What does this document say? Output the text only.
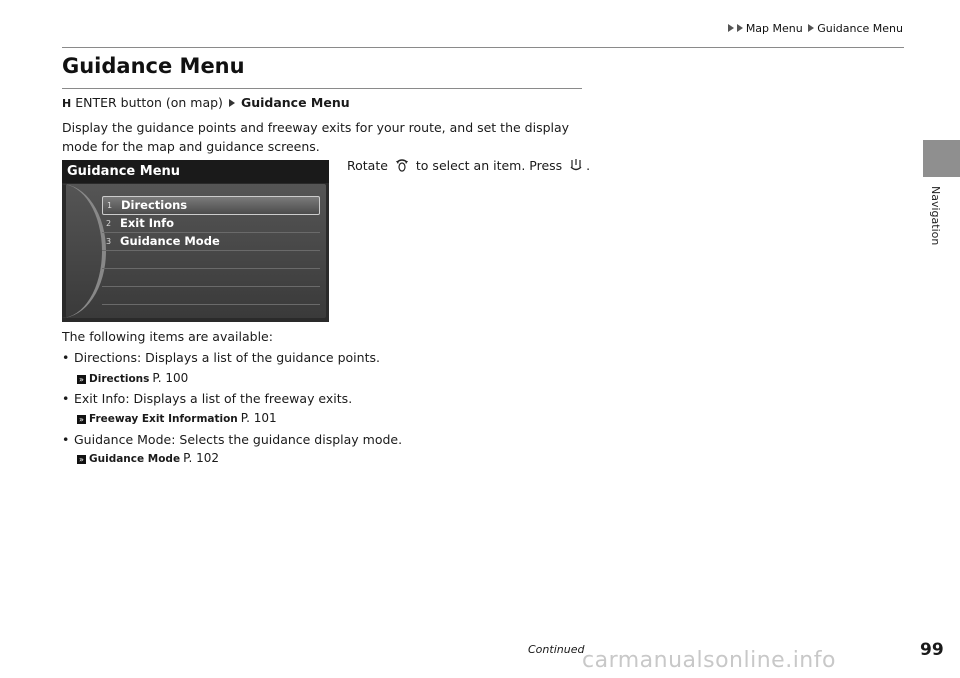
Map Menu Guidance Menu
Navigation
Guidance Menu
H ENTER button (on map) Guidance Menu

Display the guidance points and freeway exits for your route, and set the display mode for the map and guidance screens.

Rotate to select an item. Press .
Guidance Menu
1 Directions
2 Exit Info
3 Guidance Mode

The following items are available:

• Directions: Displays a list of the guidance points.
» Directions P. 100
• Exit Info: Displays a list of the freeway exits.
» Freeway Exit Information P. 101
• Guidance Mode: Selects the guidance display mode.
» Guidance Mode P. 102
Continued	99
carmanualsonline.info
